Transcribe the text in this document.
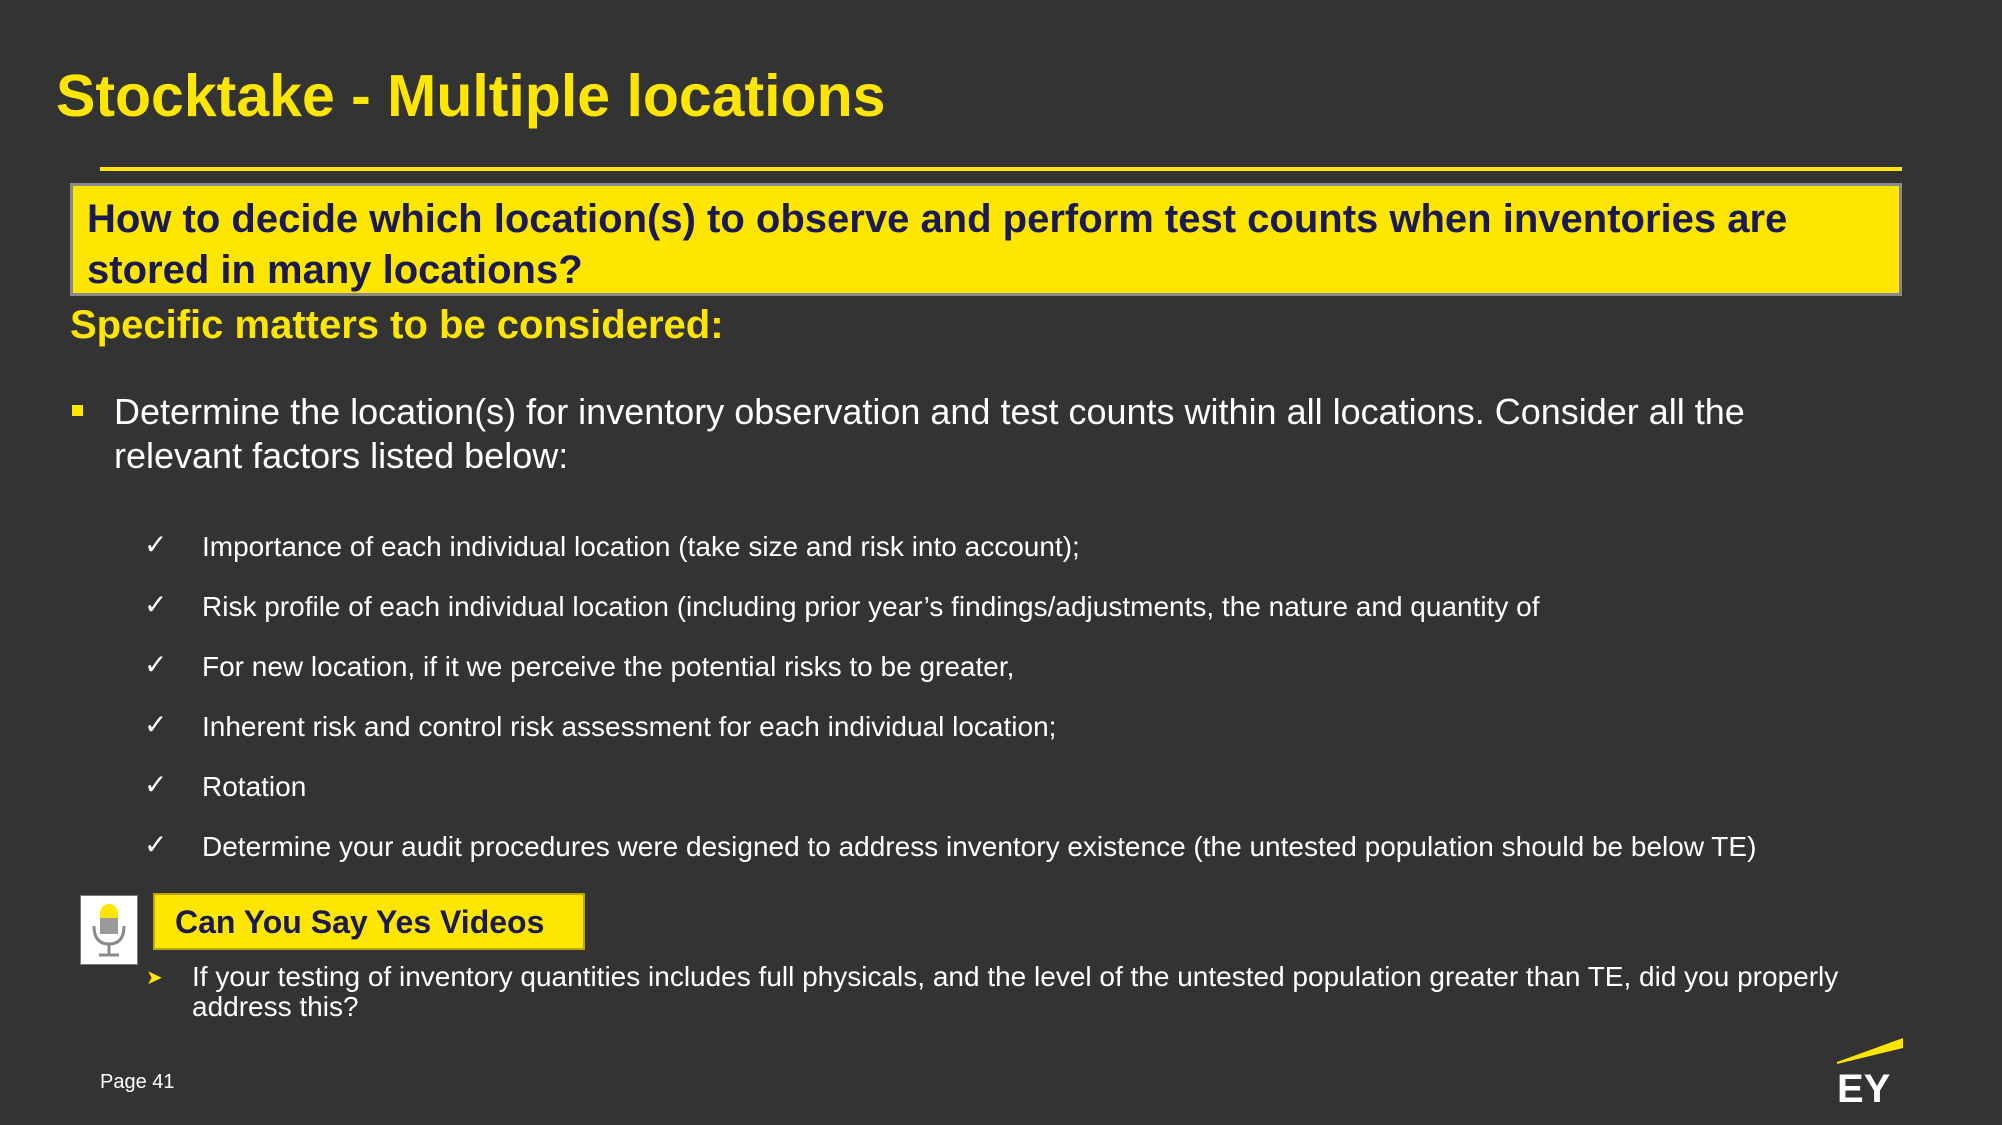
Stocktake - Multiple locations
How to decide which location(s) to observe and perform test counts when inventories are stored in many locations?
Specific matters to be considered:
Determine the location(s) for inventory observation and test counts within all locations. Consider all the relevant factors listed below:
✓ Importance of each individual location (take size and risk into account);
✓ Risk profile of each individual location (including prior year’s findings/adjustments, the nature and quantity of
✓ For new location, if it we perceive the potential risks to be greater,
✓ Inherent risk and control risk assessment for each individual location;
✓ Rotation
✓ Determine your audit procedures were designed to address inventory existence (the untested population should be below TE)
Can You Say Yes Videos
➤	If your testing of inventory quantities includes full physicals, and the level of the untested population greater than TE, did you properly address this?
Page 41	EY
